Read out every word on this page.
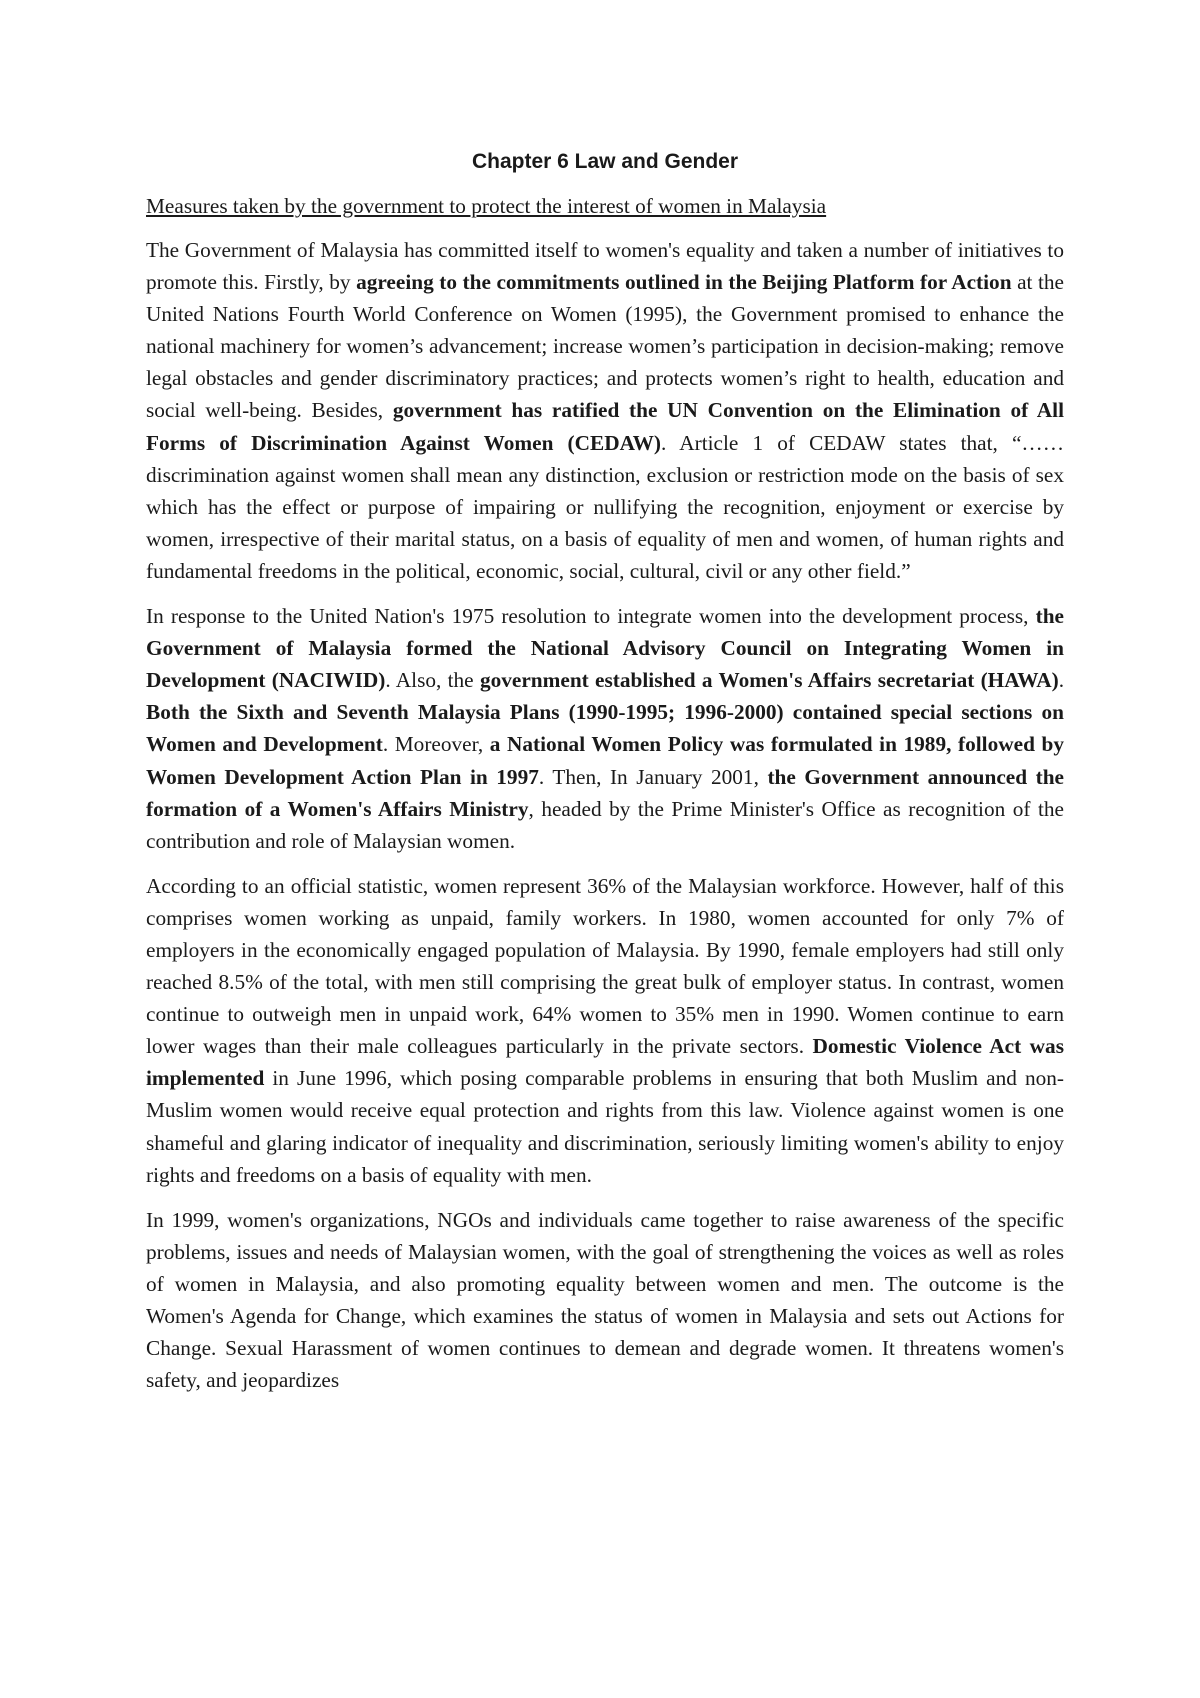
Chapter 6 Law and Gender
Measures taken by the government to protect the interest of women in Malaysia

The Government of Malaysia has committed itself to women's equality and taken a number of initiatives to promote this. Firstly, by agreeing to the commitments outlined in the Beijing Platform for Action at the United Nations Fourth World Conference on Women (1995), the Government promised to enhance the national machinery for women’s advancement; increase women’s participation in decision-making; remove legal obstacles and gender discriminatory practices; and protects women’s right to health, education and social well-being. Besides, government has ratified the UN Convention on the Elimination of All Forms of Discrimination Against Women (CEDAW). Article 1 of CEDAW states that, “……discrimination against women shall mean any distinction, exclusion or restriction mode on the basis of sex which has the effect or purpose of impairing or nullifying the recognition, enjoyment or exercise by women, irrespective of their marital status, on a basis of equality of men and women, of human rights and fundamental freedoms in the political, economic, social, cultural, civil or any other field.”

In response to the United Nation's 1975 resolution to integrate women into the development process, the Government of Malaysia formed the National Advisory Council on Integrating Women in Development (NACIWID). Also, the government established a Women's Affairs secretariat (HAWA). Both the Sixth and Seventh Malaysia Plans (1990-1995; 1996-2000) contained special sections on Women and Development. Moreover, a National Women Policy was formulated in 1989, followed by Women Development Action Plan in 1997. Then, In January 2001, the Government announced the formation of a Women's Affairs Ministry, headed by the Prime Minister's Office as recognition of the contribution and role of Malaysian women.

According to an official statistic, women represent 36% of the Malaysian workforce. However, half of this comprises women working as unpaid, family workers. In 1980, women accounted for only 7% of employers in the economically engaged population of Malaysia. By 1990, female employers had still only reached 8.5% of the total, with men still comprising the great bulk of employer status. In contrast, women continue to outweigh men in unpaid work, 64% women to 35% men in 1990. Women continue to earn lower wages than their male colleagues particularly in the private sectors. Domestic Violence Act was implemented in June 1996, which posing comparable problems in ensuring that both Muslim and non-Muslim women would receive equal protection and rights from this law. Violence against women is one shameful and glaring indicator of inequality and discrimination, seriously limiting women's ability to enjoy rights and freedoms on a basis of equality with men.

In 1999, women's organizations, NGOs and individuals came together to raise awareness of the specific problems, issues and needs of Malaysian women, with the goal of strengthening the voices as well as roles of women in Malaysia, and also promoting equality between women and men. The outcome is the Women's Agenda for Change, which examines the status of women in Malaysia and sets out Actions for Change. Sexual Harassment of women continues to demean and degrade women. It threatens women's safety, and jeopardizes
